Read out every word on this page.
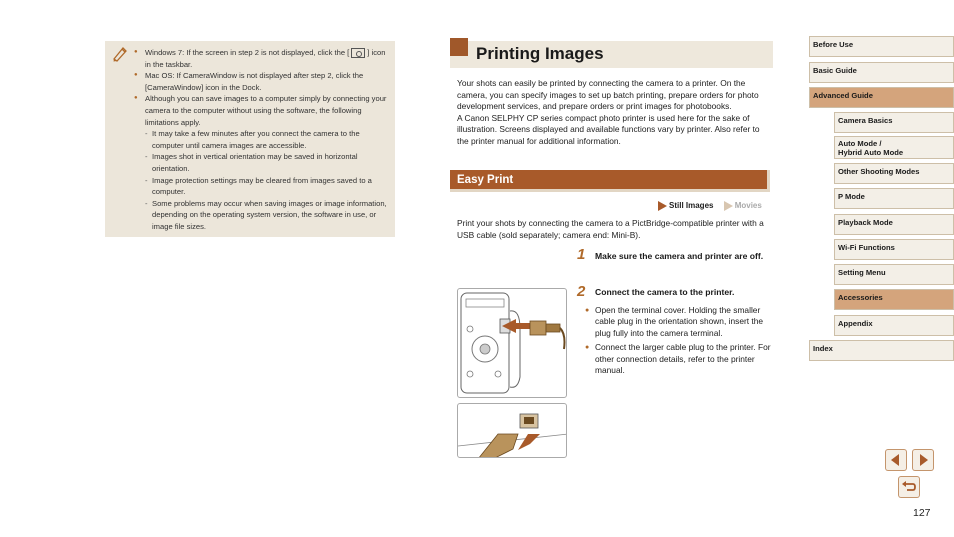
● Windows 7: If the screen in step 2 is not displayed, click the [ ] icon in the taskbar.
● Mac OS: If CameraWindow is not displayed after step 2, click the [CameraWindow] icon in the Dock.
● Although you can save images to a computer simply by connecting your camera to the computer without using the software, the following limitations apply.
- It may take a few minutes after you connect the camera to the computer until camera images are accessible.
- Images shot in vertical orientation may be saved in horizontal orientation.
- Image protection settings may be cleared from images saved to a computer.
- Some problems may occur when saving images or image information, depending on the operating system version, the software in use, or image file sizes.
Printing Images

Your shots can easily be printed by connecting the camera to a printer. On the camera, you can specify images to set up batch printing, prepare orders for photo development services, and prepare orders or print images for photobooks.

A Canon SELPHY CP series compact photo printer is used here for the sake of illustration. Screens displayed and available functions vary by printer. Also refer to the printer manual for additional information.

Easy Print
Still Images	Movies
Print your shots by connecting the camera to a PictBridge-compatible printer with a USB cable (sold separately; camera end: Mini-B).
1 Make sure the camera and printer are off.
2 Connect the camera to the printer.
● Open the terminal cover. Holding the smaller cable plug in the orientation shown, insert the plug fully into the camera terminal.
● Connect the larger cable plug to the printer. For other connection details, refer to the printer manual.
Before Use
Basic Guide
Advanced Guide
Camera Basics
Auto Mode /
Hybrid Auto Mode
Other Shooting Modes
P Mode
Playback Mode
Wi-Fi Functions
Setting Menu
Accessories
Appendix
Index
127
